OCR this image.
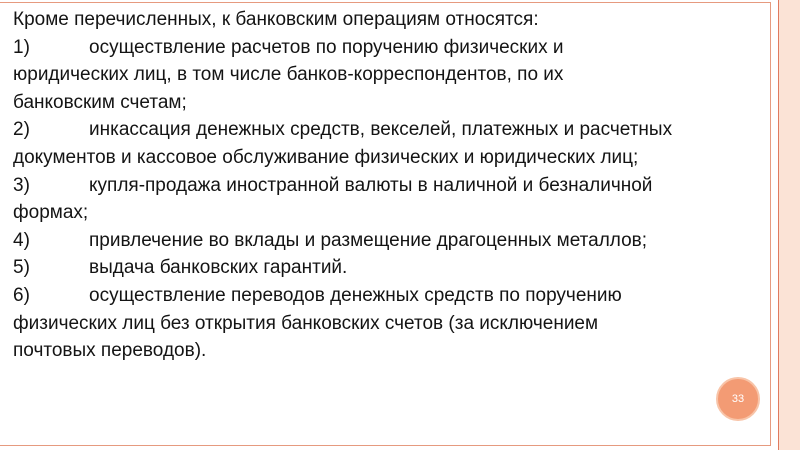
Кроме перечисленных, к банковским операциям относятся:

1)	осуществление расчетов по поручению физических и

юридических лиц, в том числе банков-корреспондентов, по их

банковским счетам;

2)	инкассация денежных средств, векселей, платежных и расчетных

документов и кассовое обслуживание физических и юридических лиц;

3)	купля-продажа иностранной валюты в наличной и безналичной

формах;

4)	привлечение во вклады и размещение драгоценных металлов;

5)	выдача банковских гарантий.

6)	осуществление переводов денежных средств по поручению

физических лиц без открытия банковских счетов (за исключением

почтовых переводов).

33
